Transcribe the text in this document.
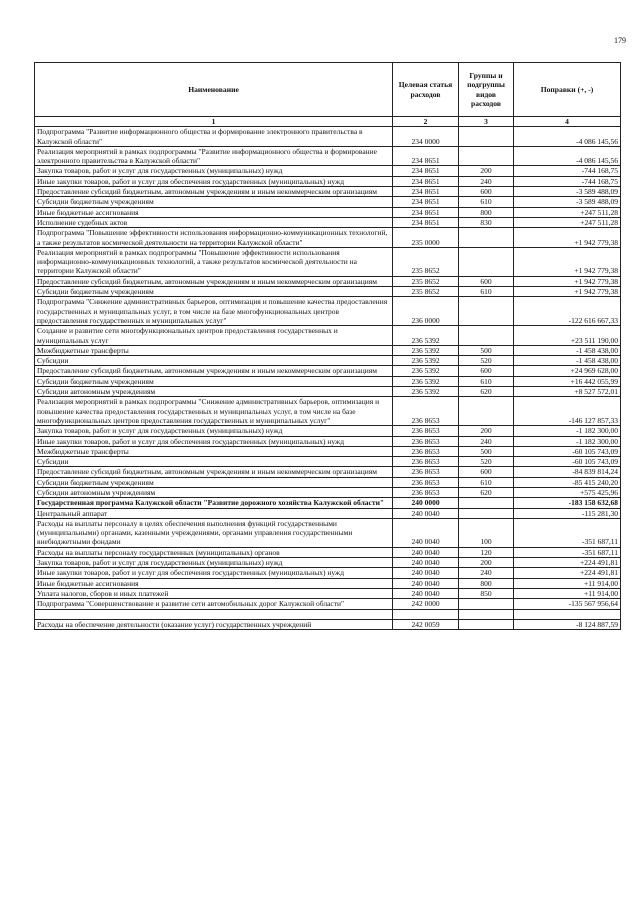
179
Наименование	Целевая статья расходов	Группы и подгруппы видов расходов	Поправки (+, -)
1	2	3	4
Подпрограмма "Развитие информационного общества и формирование электронного правительства в Калужской области"	234 0000		-4 086 145,56
Реализация мероприятий в рамках подпрограммы "Развитие информационного общества и формирование электронного правительства в Калужской области"	234 8651		-4 086 145,56
Закупка товаров, работ и услуг для государственных (муниципальных) нужд	234 8651	200	-744 168,75
Иные закупки товаров, работ и услуг для обеспечения государственных (муниципальных) нужд	234 8651	240	-744 168,75
Предоставление субсидий бюджетным, автономным учреждениям и иным некоммерческим организациям	234 8651	600	-3 589 488,09
Субсидии бюджетным учреждениям	234 8651	610	-3 589 488,09
Иные бюджетные ассигнования	234 8651	800	+247 511,28
Исполнение судебных актов	234 8651	830	+247 511,28
Подпрограмма "Повышение эффективности использования информационно-коммуникационных технологий, а также результатов космической деятельности на территории Калужской области"	235 0000		+1 942 779,38
Реализация мероприятий в рамках подпрограммы "Повышение эффективности использования информационно-коммуникационных технологий, а также результатов космической деятельности на территории Калужской области"	235 8652		+1 942 779,38
Предоставление субсидий бюджетным, автономным учреждениям и иным некоммерческим организациям	235 8652	600	+1 942 779,38
Субсидии бюджетным учреждениям	235 8652	610	+1 942 779,38
Подпрограмма "Снижение административных барьеров, оптимизация и повышение качества предоставления государственных и муниципальных услуг, в том числе на базе многофункциональных центров предоставления государственных и муниципальных услуг"	236 0000		-122 616 667,33
Создание и развитие сети многофункциональных центров предоставления государственных и муниципальных услуг	236 5392		+23 511 190,00
Межбюджетные трансферты	236 5392	500	-1 458 438,00
Субсидии	236 5392	520	-1 458 438,00
Предоставление субсидий бюджетным, автономным учреждениям и иным некоммерческим организациям	236 5392	600	+24 969 628,00
Субсидии бюджетным учреждениям	236 5392	610	+16 442 055,99
Субсидии автономным учреждениям	236 5392	620	+8 527 572,01
Реализация мероприятий в рамках подпрограммы "Снижение административных барьеров, оптимизация и повышение качества предоставления государственных и муниципальных услуг, в том числе на базе многофункциональных центров предоставления государственных и муниципальных услуг"	236 8653		-146 127 857,33
Закупка товаров, работ и услуг для государственных (муниципальных) нужд	236 8653	200	-1 182 300,00
Иные закупки товаров, работ и услуг для обеспечения государственных (муниципальных) нужд	236 8653	240	-1 182 300,00
Межбюджетные трансферты	236 8653	500	-60 105 743,09
Субсидии	236 8653	520	-60 105 743,09
Предоставление субсидий бюджетным, автономным учреждениям и иным некоммерческим организациям	236 8653	600	-84 839 814,24
Субсидии бюджетным учреждениям	236 8653	610	-85 415 240,20
Субсидии автономным учреждениям	236 8653	620	+575 425,96
Государственная программа Калужской области "Развитие дорожного хозяйства Калужской области"	240 0000		-183 158 632,68
Центральный аппарат	240 0040		-115 281,30
Расходы на выплаты персоналу в целях обеспечения выполнения функций государственными (муниципальными) органами, казенными учреждениями, органами управления государственными внебюджетными фондами	240 0040	100	-351 687,11
Расходы на выплаты персоналу государственных (муниципальных) органов	240 0040	120	-351 687,11
Закупка товаров, работ и услуг для государственных (муниципальных) нужд	240 0040	200	+224 491,81
Иные закупки товаров, работ и услуг для обеспечения государственных (муниципальных) нужд	240 0040	240	+224 491,81
Иные бюджетные ассигнования	240 0040	800	+11 914,00
Уплата налогов, сборов и иных платежей	240 0040	850	+11 914,00
Подпрограмма "Совершенствование и развитие сети автомобильных дорог Калужской области"	242 0000		-135 567 956,64

Расходы на обеспечение деятельности (оказание услуг) государственных учреждений	242 0059		-8 124 887,59
